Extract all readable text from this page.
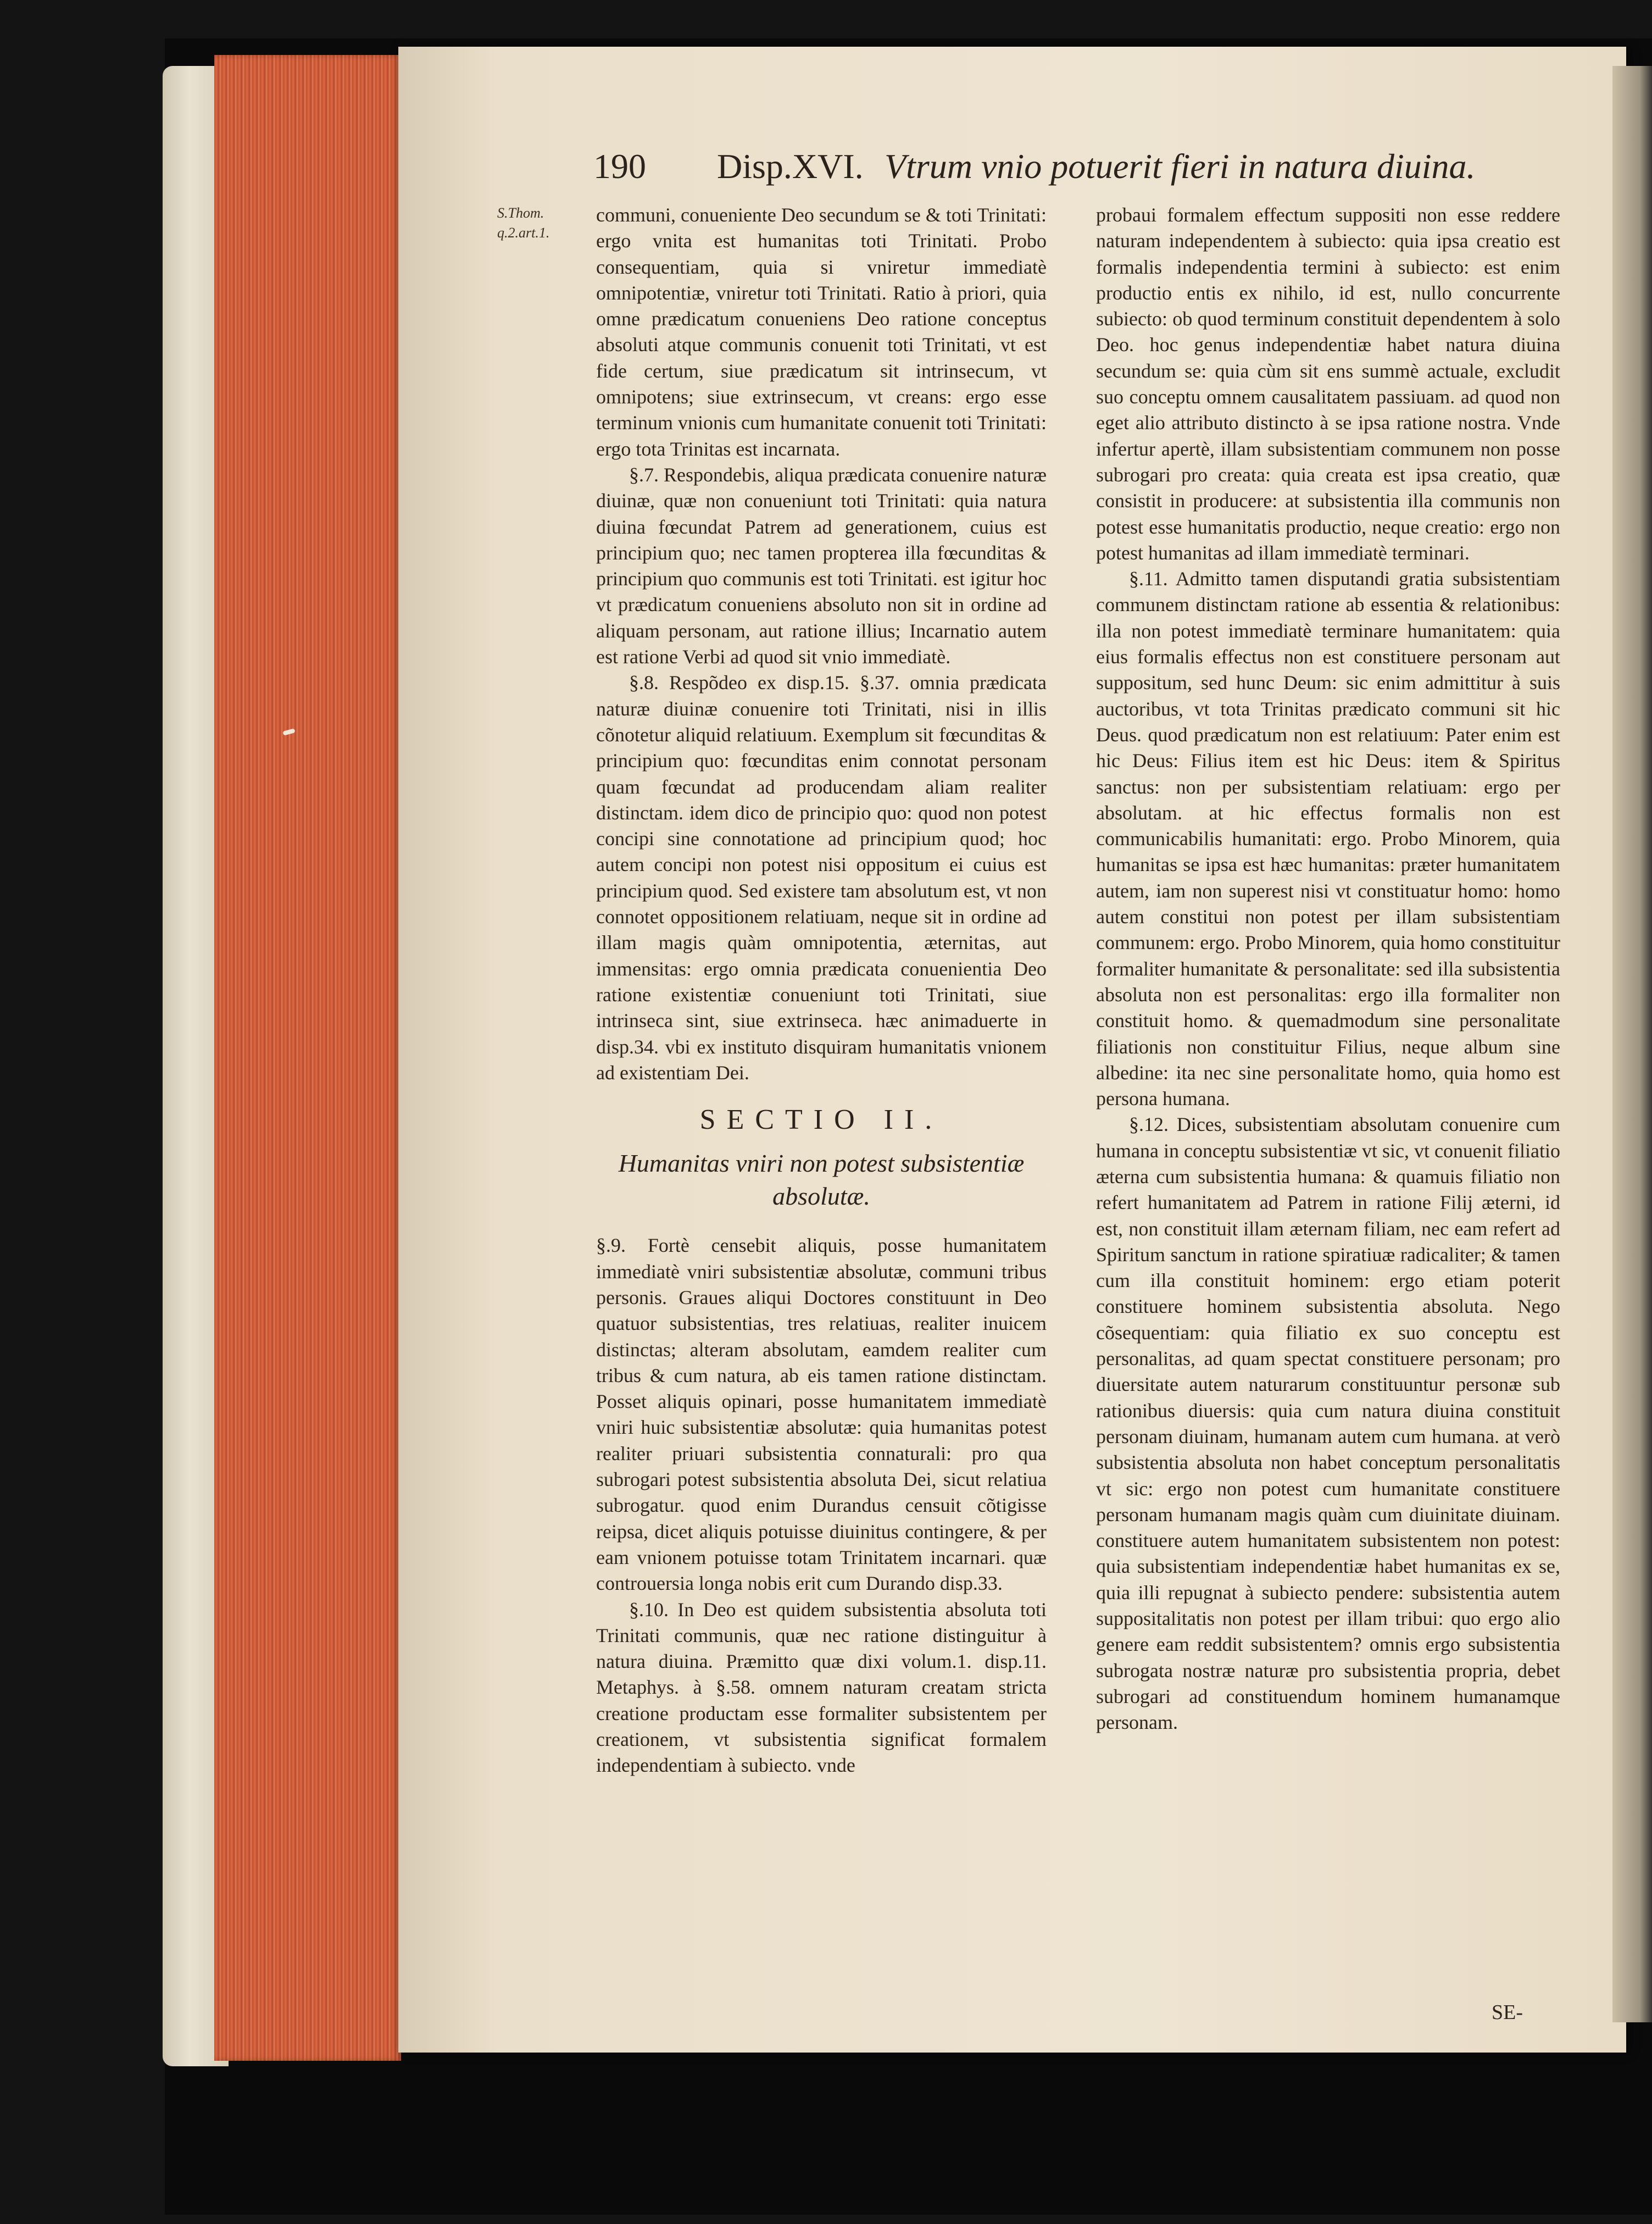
190 Disp.XVI. Vtrum vnio potuerit fieri in natura diuina.
S.Thom. q.2.art.1.

communi, conueniente Deo secundum se & toti Trinitati: ergo vnita est humanitas toti Trinitati. Probo consequentiam, quia si vniretur immediatè omnipotentiæ, vniretur toti Trinitati. Ratio à priori, quia omne prædicatum conueniens Deo ratione conceptus absoluti atque communis conuenit toti Trinitati, vt est fide certum, siue prædicatum sit intrinsecum, vt omnipotens; siue extrinsecum, vt creans: ergo esse terminum vnionis cum humanitate conuenit toti Trinitati: ergo tota Trinitas est incarnata.

§.7. Respondebis, aliqua prædicata conuenire naturæ diuinæ, quæ non conueniunt toti Trinitati: quia natura diuina fœcundat Patrem ad generationem, cuius est principium quo; nec tamen propterea illa fœcunditas & principium quo communis est toti Trinitati. est igitur hoc vt prædicatum conueniens absoluto non sit in ordine ad aliquam personam, aut ratione illius; Incarnatio autem est ratione Verbi ad quod sit vnio immediatè.

§.8. Respõdeo ex disp.15. §.37. omnia prædicata naturæ diuinæ conuenire toti Trinitati, nisi in illis cõnotetur aliquid relatiuum. Exemplum sit fœcunditas & principium quo: fœcunditas enim connotat personam quam fœcundat ad producendam aliam realiter distinctam. idem dico de principio quo: quod non potest concipi sine connotatione ad principium quod; hoc autem concipi non potest nisi oppositum ei cuius est principium quod. Sed existere tam absolutum est, vt non connotet oppositionem relatiuam, neque sit in ordine ad illam magis quàm omnipotentia, æternitas, aut immensitas: ergo omnia prædicata conuenientia Deo ratione existentiæ conueniunt toti Trinitati, siue intrinseca sint, siue extrinseca. hæc animaduerte in disp.34. vbi ex instituto disquiram humanitatis vnionem ad existentiam Dei.

SECTIO II.
Humanitas vniri non potest subsistentiæ absolutæ.

§.9. Fortè censebit aliquis, posse humanitatem immediatè vniri subsistentiæ absolutæ, communi tribus personis. Graues aliqui Doctores constituunt in Deo quatuor subsistentias, tres relatiuas, realiter inuicem distinctas; alteram absolutam, eamdem realiter cum tribus & cum natura, ab eis tamen ratione distinctam. Posset aliquis opinari, posse humanitatem immediatè vniri huic subsistentiæ absolutæ: quia humanitas potest realiter priuari subsistentia connaturali: pro qua subrogari potest subsistentia absoluta Dei, sicut relatiua subrogatur. quod enim Durandus censuit cõtigisse reipsa, dicet aliquis potuisse diuinitus contingere, & per eam vnionem potuisse totam Trinitatem incarnari. quæ controuersia longa nobis erit cum Durando disp.33.

§.10. In Deo est quidem subsistentia absoluta toti Trinitati communis, quæ nec ratione distinguitur à natura diuina. Præmitto quæ dixi volum.1. disp.11. Metaphys. à §.58. omnem naturam creatam stricta creatione productam esse formaliter subsistentem per creationem, vt subsistentia significat formalem independentiam à subiecto. vnde

probaui formalem effectum suppositi non esse reddere naturam independentem à subiecto: quia ipsa creatio est formalis independentia termini à subiecto: est enim productio entis ex nihilo, id est, nullo concurrente subiecto: ob quod terminum constituit dependentem à solo Deo. hoc genus independentiæ habet natura diuina secundum se: quia cùm sit ens summè actuale, excludit suo conceptu omnem causalitatem passiuam. ad quod non eget alio attributo distincto à se ipsa ratione nostra. Vnde infertur apertè, illam subsistentiam communem non posse subrogari pro creata: quia creata est ipsa creatio, quæ consistit in producere: at subsistentia illa communis non potest esse humanitatis productio, neque creatio: ergo non potest humanitas ad illam immediatè terminari.

§.11. Admitto tamen disputandi gratia subsistentiam communem distinctam ratione ab essentia & relationibus: illa non potest immediatè terminare humanitatem: quia eius formalis effectus non est constituere personam aut suppositum, sed hunc Deum: sic enim admittitur à suis auctoribus, vt tota Trinitas prædicato communi sit hic Deus. quod prædicatum non est relatiuum: Pater enim est hic Deus: Filius item est hic Deus: item & Spiritus sanctus: non per subsistentiam relatiuam: ergo per absolutam. at hic effectus formalis non est communicabilis humanitati: ergo. Probo Minorem, quia humanitas se ipsa est hæc humanitas: præter humanitatem autem, iam non superest nisi vt constituatur homo: homo autem constitui non potest per illam subsistentiam communem: ergo. Probo Minorem, quia homo constituitur formaliter humanitate & personalitate: sed illa subsistentia absoluta non est personalitas: ergo illa formaliter non constituit homo. & quemadmodum sine personalitate filiationis non constituitur Filius, neque album sine albedine: ita nec sine personalitate homo, quia homo est persona humana.

§.12. Dices, subsistentiam absolutam conuenire cum humana in conceptu subsistentiæ vt sic, vt conuenit filiatio æterna cum subsistentia humana: & quamuis filiatio non refert humanitatem ad Patrem in ratione Filij æterni, id est, non constituit illam æternam filiam, nec eam refert ad Spiritum sanctum in ratione spiratiuæ radicaliter; & tamen cum illa constituit hominem: ergo etiam poterit constituere hominem subsistentia absoluta. Nego cõsequentiam: quia filiatio ex suo conceptu est personalitas, ad quam spectat constituere personam; pro diuersitate autem naturarum constituuntur personæ sub rationibus diuersis: quia cum natura diuina constituit personam diuinam, humanam autem cum humana. at verò subsistentia absoluta non habet conceptum personalitatis vt sic: ergo non potest cum humanitate constituere personam humanam magis quàm cum diuinitate diuinam. constituere autem humanitatem subsistentem non potest: quia subsistentiam independentiæ habet humanitas ex se, quia illi repugnat à subiecto pendere: subsistentia autem suppositalitatis non potest per illam tribui: quo ergo alio genere eam reddit subsistentem? omnis ergo subsistentia subrogata nostræ naturæ pro subsistentia propria, debet subrogari ad constituendum hominem humanamque personam.

SE-
